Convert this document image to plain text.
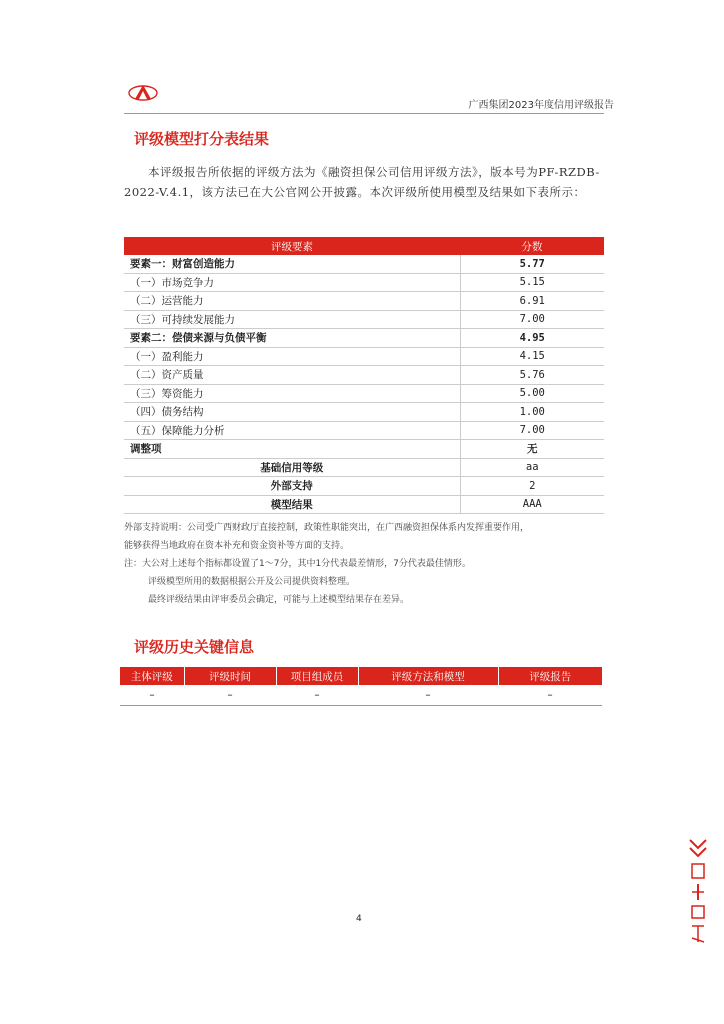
广西集团2023年度信用评级报告
评级模型打分表结果
本评级报告所依据的评级方法为《融资担保公司信用评级方法》，版本号为PF-RZDB-2022-V.4.1，该方法已在大公官网公开披露。本次评级所使用模型及结果如下表所示：
评级要素	分数
要素一：财富创造能力	5.77
（一）市场竞争力	5.15
（二）运营能力	6.91
（三）可持续发展能力	7.00
要素二：偿债来源与负债平衡	4.95
（一）盈利能力	4.15
（二）资产质量	5.76
（三）筹资能力	5.00
（四）债务结构	1.00
（五）保障能力分析	7.00
调整项	无
基础信用等级	aa
外部支持	2
模型结果	AAA
外部支持说明：公司受广西财政厅直接控制，政策性职能突出，在广西融资担保体系内发挥重要作用，
能够获得当地政府在资本补充和资金资补等方面的支持。
注：大公对上述每个指标都设置了1～7分，其中1分代表最差情形，7分代表最佳情形。
评级模型所用的数据根据公开及公司提供资料整理。
最终评级结果由评审委员会确定，可能与上述模型结果存在差异。
评级历史关键信息
主体评级	评级时间	项目组成员	评级方法和模型	评级报告
–	–	–	–	–
4
